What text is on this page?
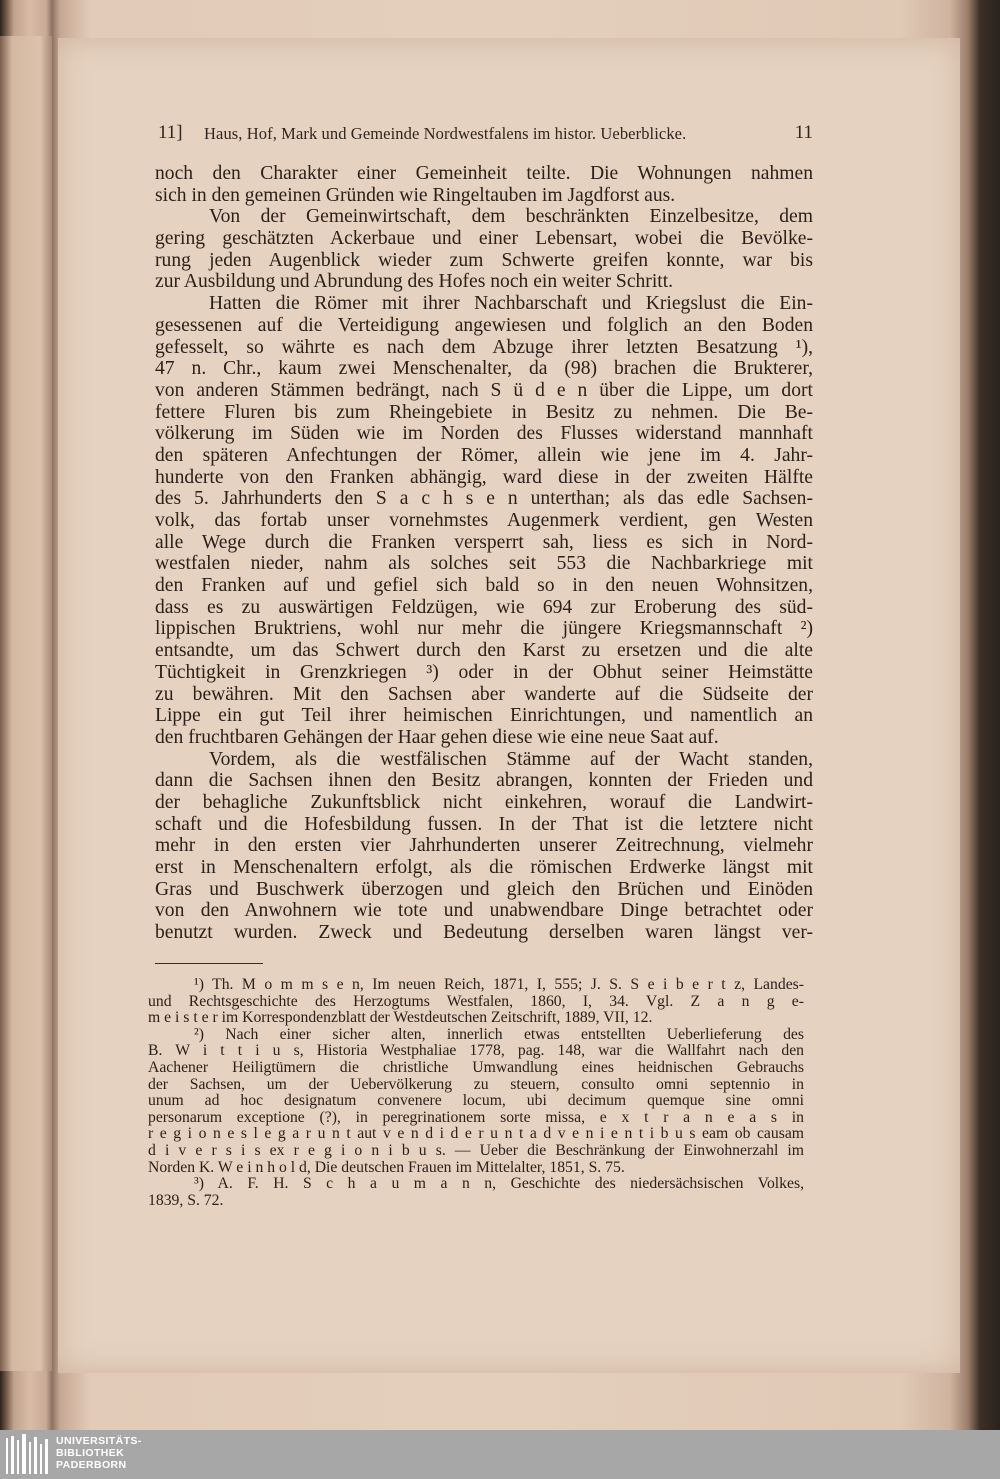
11] Haus, Hof, Mark und Gemeinde Nordwestfalens im histor. Ueberblicke.	11
noch den Charakter einer Gemeinheit teilte. Die Wohnungen nahmen
sich in den gemeinen Gründen wie Ringeltauben im Jagdforst aus.
Von der Gemeinwirtschaft, dem beschränkten Einzelbesitze, dem
gering geschätzten Ackerbaue und einer Lebensart, wobei die Bevölke-
rung jeden Augenblick wieder zum Schwerte greifen konnte, war bis
zur Ausbildung und Abrundung des Hofes noch ein weiter Schritt.
Hatten die Römer mit ihrer Nachbarschaft und Kriegslust die Ein-
gesessenen auf die Verteidigung angewiesen und folglich an den Boden
gefesselt, so währte es nach dem Abzuge ihrer letzten Besatzung ¹),
47 n. Chr., kaum zwei Menschenalter, da (98) brachen die Brukterer,
von anderen Stämmen bedrängt, nach S ü d e n über die Lippe, um dort
fettere Fluren bis zum Rheingebiete in Besitz zu nehmen. Die Be-
völkerung im Süden wie im Norden des Flusses widerstand mannhaft
den späteren Anfechtungen der Römer, allein wie jene im 4. Jahr-
hunderte von den Franken abhängig, ward diese in der zweiten Hälfte
des 5. Jahrhunderts den S a c h s e n unterthan; als das edle Sachsen-
volk, das fortab unser vornehmstes Augenmerk verdient, gen Westen
alle Wege durch die Franken versperrt sah, liess es sich in Nord-
westfalen nieder, nahm als solches seit 553 die Nachbarkriege mit
den Franken auf und gefiel sich bald so in den neuen Wohnsitzen,
dass es zu auswärtigen Feldzügen, wie 694 zur Eroberung des süd-
lippischen Bruktriens, wohl nur mehr die jüngere Kriegsmannschaft ²)
entsandte, um das Schwert durch den Karst zu ersetzen und die alte
Tüchtigkeit in Grenzkriegen ³) oder in der Obhut seiner Heimstätte
zu bewähren. Mit den Sachsen aber wanderte auf die Südseite der
Lippe ein gut Teil ihrer heimischen Einrichtungen, und namentlich an
den fruchtbaren Gehängen der Haar gehen diese wie eine neue Saat auf.
Vordem, als die westfälischen Stämme auf der Wacht standen,
dann die Sachsen ihnen den Besitz abrangen, konnten der Frieden und
der behagliche Zukunftsblick nicht einkehren, worauf die Landwirt-
schaft und die Hofesbildung fussen. In der That ist die letztere nicht
mehr in den ersten vier Jahrhunderten unserer Zeitrechnung, vielmehr
erst in Menschenaltern erfolgt, als die römischen Erdwerke längst mit
Gras und Buschwerk überzogen und gleich den Brüchen und Einöden
von den Anwohnern wie tote und unabwendbare Dinge betrachtet oder
benutzt wurden. Zweck und Bedeutung derselben waren längst ver-
¹) Th. M o m m s e n, Im neuen Reich, 1871, I, 555; J. S. S e i b e r t z, Landes-
und Rechtsgeschichte des Herzogtums Westfalen, 1860, I, 34. Vgl. Z a n g e-
m e i s t e r im Korrespondenzblatt der Westdeutschen Zeitschrift, 1889, VII, 12.
²) Nach einer sicher alten, innerlich etwas entstellten Ueberlieferung des
B. W i t t i u s, Historia Westphaliae 1778, pag. 148, war die Wallfahrt nach den
Aachener Heiligtümern die christliche Umwandlung eines heidnischen Gebrauchs
der Sachsen, um der Uebervölkerung zu steuern, consulto omni septennio in
unum ad hoc designatum convenere locum, ubi decimum quemque sine omni
personarum exceptione (?), in peregrinationem sorte missa, e x t r a n e a s in
r e g i o n e s l e g a r u n t aut v e n d i d e r u n t a d v e n i e n t i b u s eam ob causam
d i v e r s i s ex r e g i o n i b u s. — Ueber die Beschränkung der Einwohnerzahl im
Norden K. W e i n h o l d, Die deutschen Frauen im Mittelalter, 1851, S. 75.
³) A. F. H. S c h a u m a n n, Geschichte des niedersächsischen Volkes,
1839, S. 72.
UNIVERSITÄTS-
BIBLIOTHEK
PADERBORN
